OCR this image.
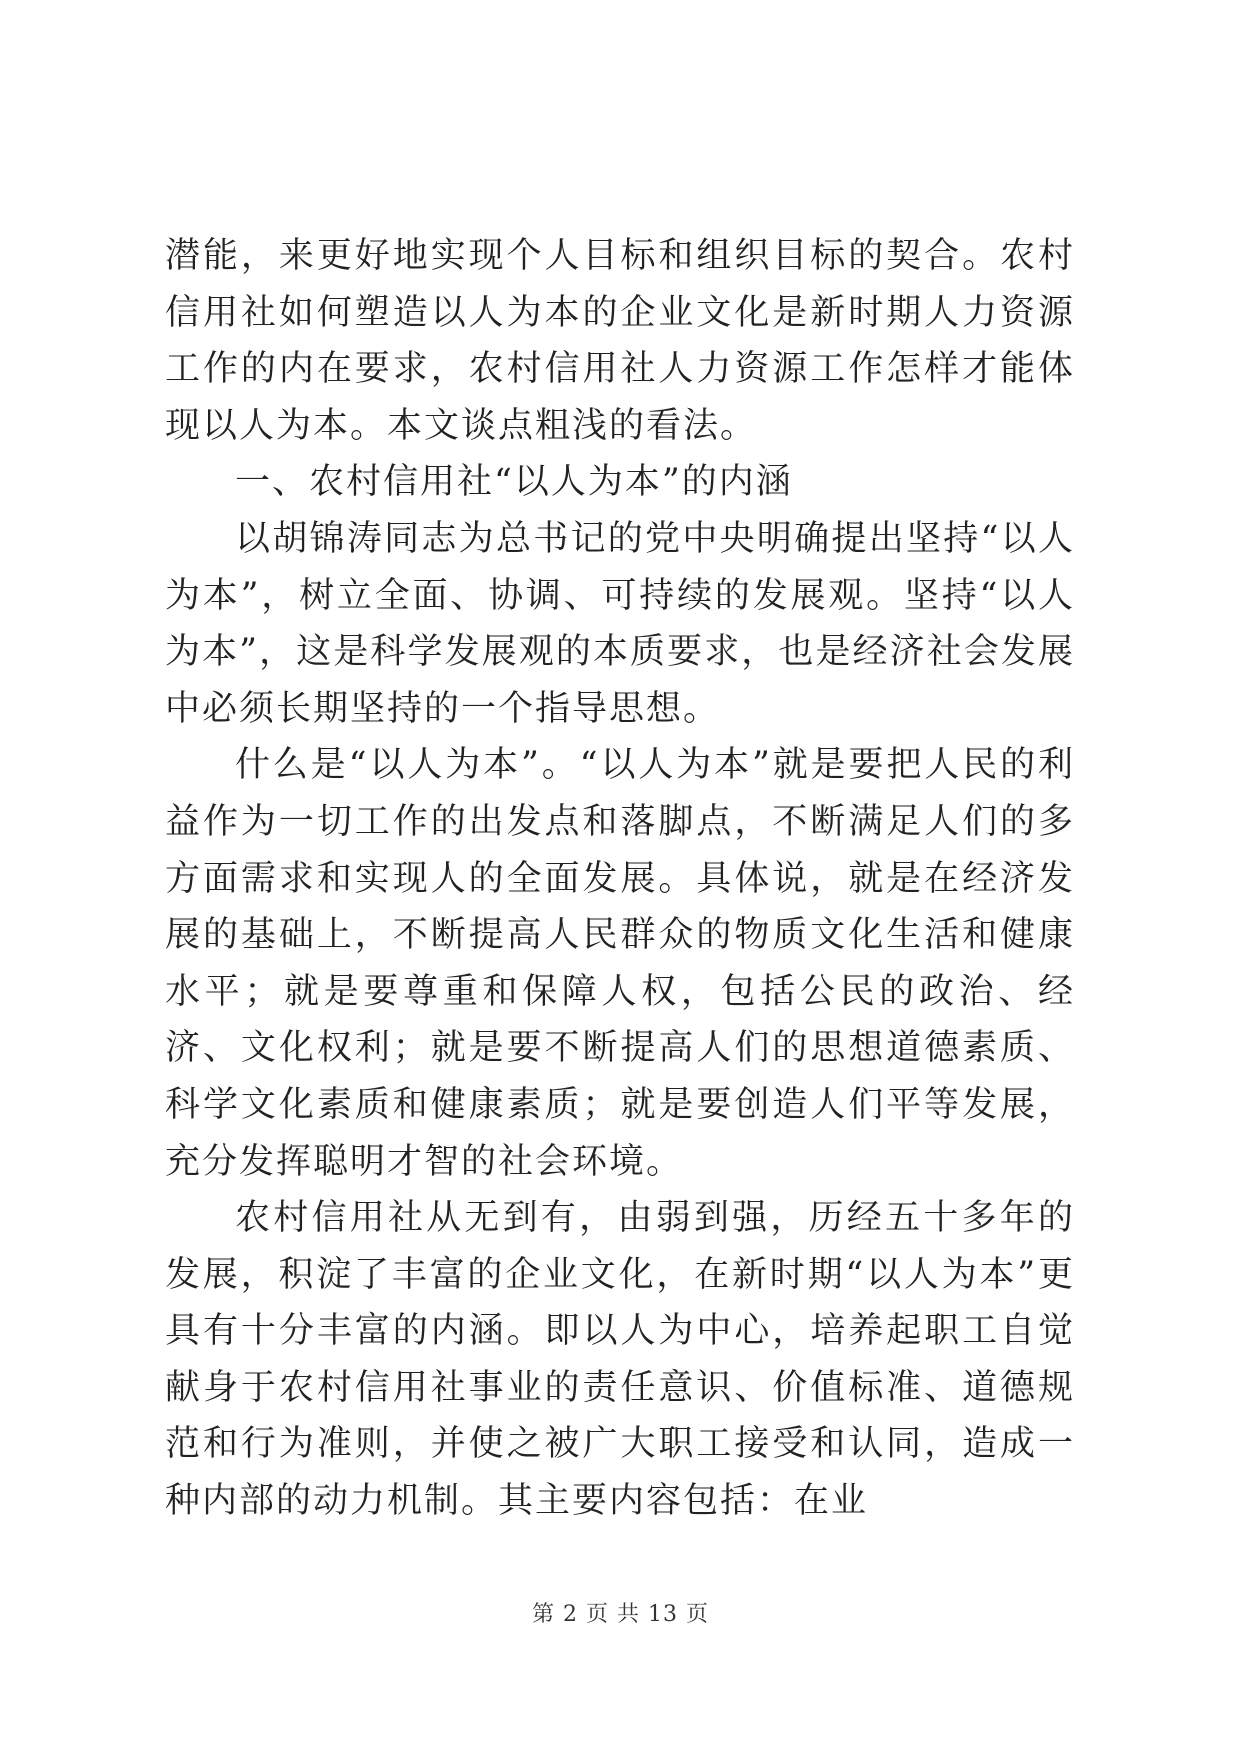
潜能，来更好地实现个人目标和组织目标的契合。农村信用社如何塑造以人为本的企业文化是新时期人力资源工作的内在要求，农村信用社人力资源工作怎样才能体现以人为本。本文谈点粗浅的看法。

一、农村信用社“以人为本”的内涵

以胡锦涛同志为总书记的党中央明确提出坚持“以人为本”，树立全面、协调、可持续的发展观。坚持“以人为本”，这是科学发展观的本质要求，也是经济社会发展中必须长期坚持的一个指导思想。

什么是“以人为本”。“以人为本”就是要把人民的利益作为一切工作的出发点和落脚点，不断满足人们的多方面需求和实现人的全面发展。具体说，就是在经济发展的基础上，不断提高人民群众的物质文化生活和健康水平；就是要尊重和保障人权，包括公民的政治、经济、文化权利；就是要不断提高人们的思想道德素质、科学文化素质和健康素质；就是要创造人们平等发展，充分发挥聪明才智的社会环境。

农村信用社从无到有，由弱到强，历经五十多年的发展，积淀了丰富的企业文化，在新时期“以人为本”更具有十分丰富的内涵。即以人为中心，培养起职工自觉献身于农村信用社事业的责任意识、价值标准、道德规范和行为准则，并使之被广大职工接受和认同，造成一种内部的动力机制。其主要内容包括：在业

第 2 页 共 13 页
